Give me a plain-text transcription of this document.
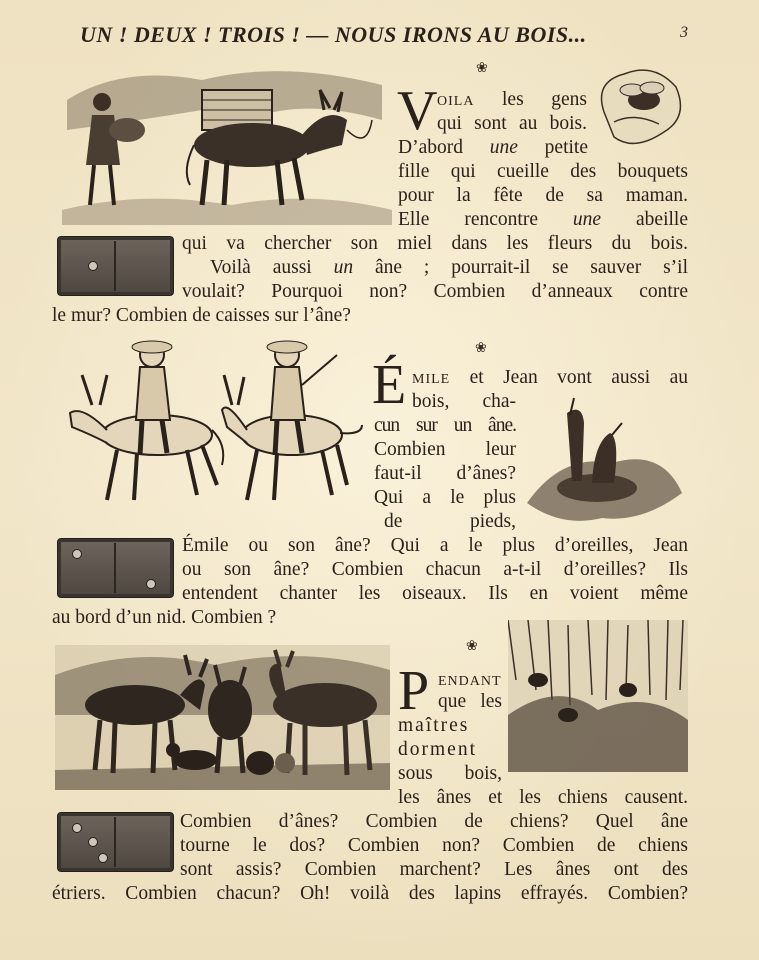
UN ! DEUX ! TROIS ! — NOUS IRONS AU BOIS...	3
❀
V OILA les gens
qui sont au bois.
D’abord une petite
fille qui cueille des bouquets
pour la fête de sa maman.
Elle rencontre une abeille
qui va chercher son miel dans les fleurs du bois.
Voilà aussi un âne ; pourrait-il se sauver s’il
voulait? Pourquoi non? Combien d’anneaux contre
le mur? Combien de caisses sur l’âne?
❀
É MILE et Jean vont aussi au
bois, cha-
cun sur un âne.
Combien leur
faut-il d’ânes?
Qui a le plus
de pieds,
Émile ou son âne? Qui a le plus d’oreilles, Jean
ou son âne? Combien chacun a-t-il d’oreilles? Ils
entendent chanter les oiseaux. Ils en voient même
au bord d’un nid. Combien ?
❀
P ENDANT
que les
maîtres
dorment
sous bois,
les ânes et les chiens causent.
Combien d’ânes? Combien de chiens? Quel âne
tourne le dos? Combien non? Combien de chiens
sont assis? Combien marchent? Les ânes ont des
étriers. Combien chacun? Oh! voilà des lapins effrayés. Combien?
